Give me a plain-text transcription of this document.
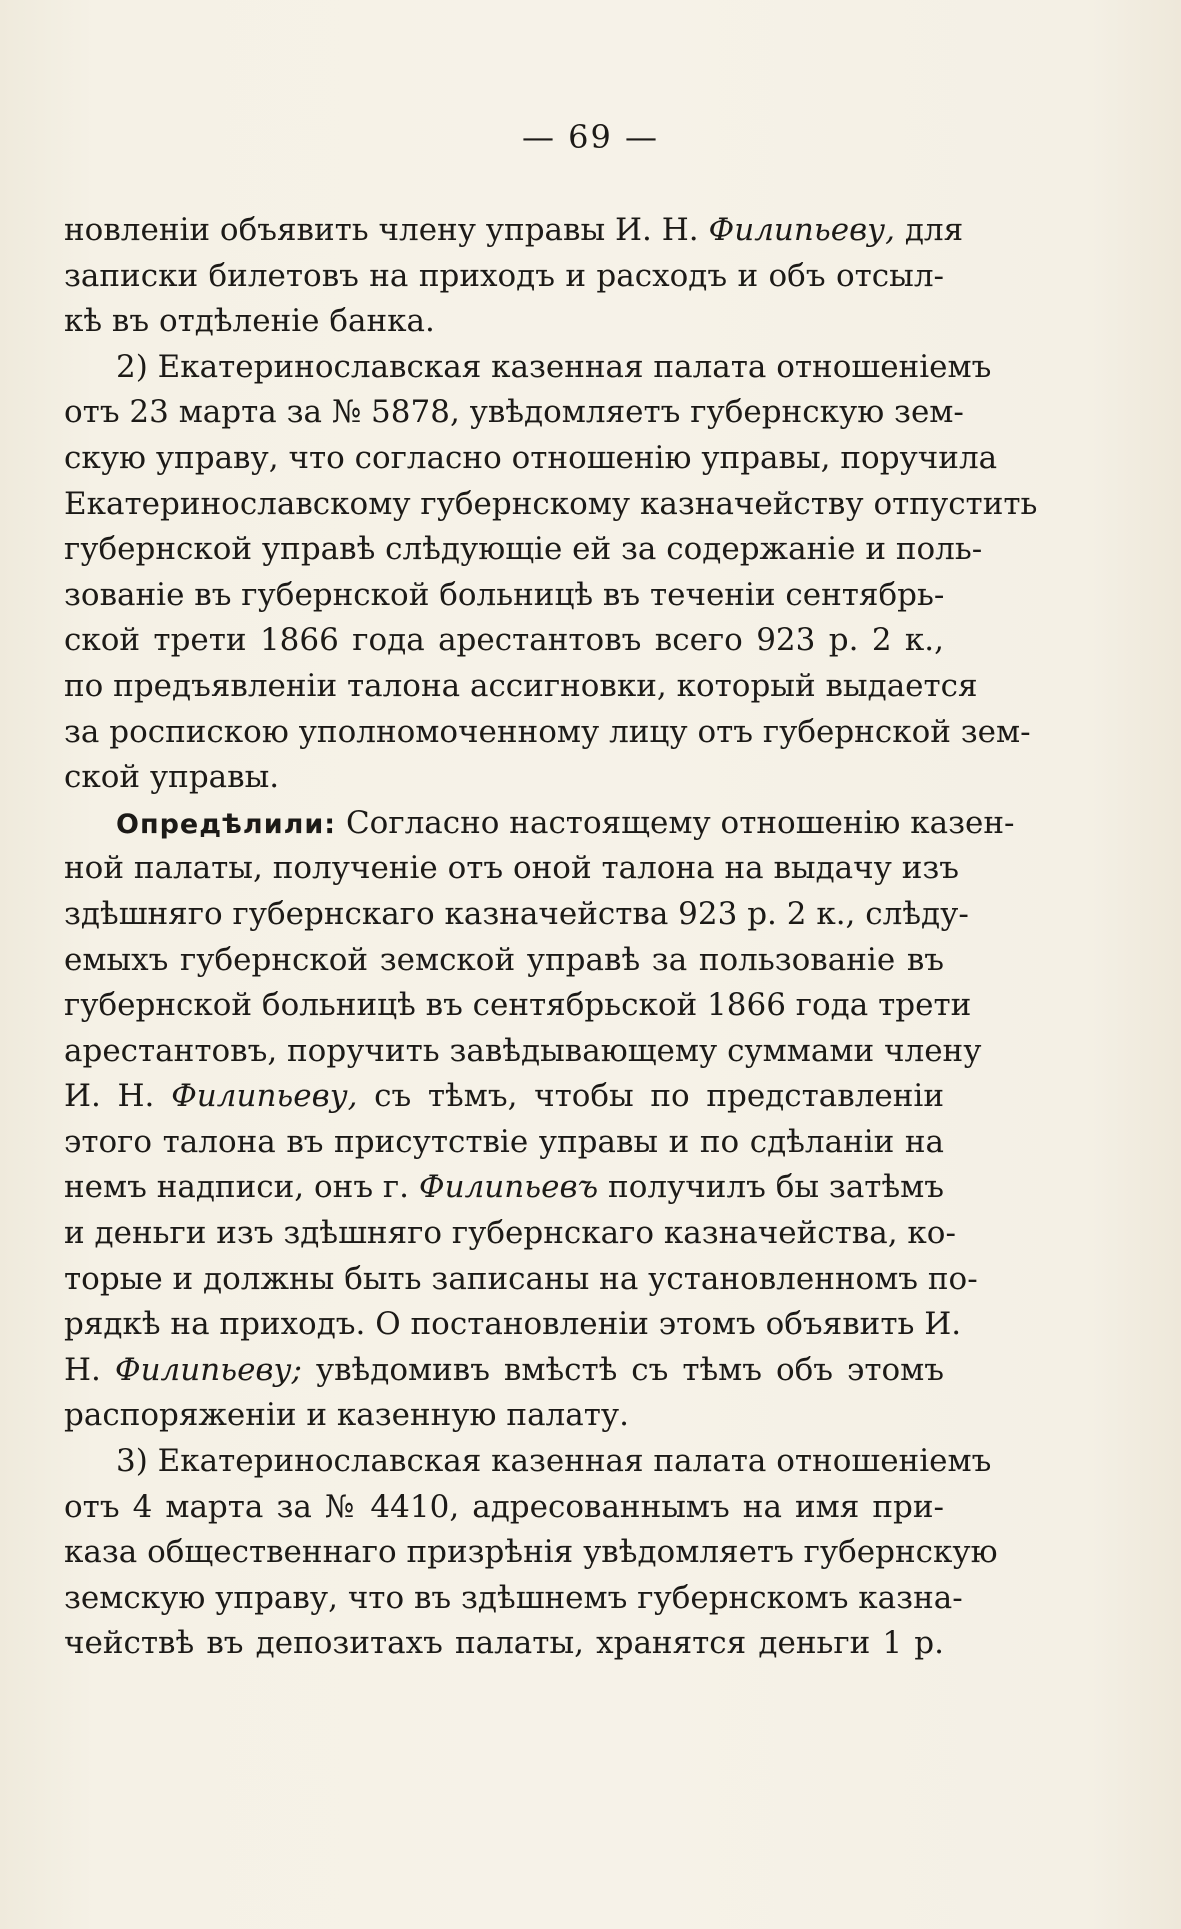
— 69 —
новленіи объявить члену управы И. Н. Филипьеву, для
записки билетовъ на приходъ и расходъ и объ отсыл-
кѣ въ отдѣленіе банка.
2) Екатеринославская казенная палата отношеніемъ
отъ 23 марта за № 5878, увѣдомляетъ губернскую зем-
скую управу, что согласно отношенію управы, поручила
Екатеринославскому губернскому казначейству отпустить
губернской управѣ слѣдующіе ей за содержаніе и поль-
зованіе въ губернской больницѣ въ теченіи сентябрь-
ской трети 1866 года арестантовъ всего 923 р. 2 к.,
по предъявленіи талона ассигновки, который выдается
за роспискою уполномоченному лицу отъ губернской зем-
ской управы.
Опредѣлили: Согласно настоящему отношенію казен-
ной палаты, полученіе отъ оной талона на выдачу изъ
здѣшняго губернскаго казначейства 923 р. 2 к., слѣду-
емыхъ губернской земской управѣ за пользованіе въ
губернской больницѣ въ сентябрьской 1866 года трети
арестантовъ, поручить завѣдывающему суммами члену
И. Н. Филипьеву, съ тѣмъ, чтобы по представленіи
этого талона въ присутствіе управы и по сдѣланіи на
немъ надписи, онъ г. Филипьевъ получилъ бы затѣмъ
и деньги изъ здѣшняго губернскаго казначейства, ко-
торые и должны быть записаны на установленномъ по-
рядкѣ на приходъ. О постановленіи этомъ объявить И.
Н. Филипьеву; увѣдомивъ вмѣстѣ съ тѣмъ объ этомъ
распоряженіи и казенную палату.
3) Екатеринославская казенная палата отношеніемъ
отъ 4 марта за № 4410, адресованнымъ на имя при-
каза общественнаго призрѣнія увѣдомляетъ губернскую
земскую управу, что въ здѣшнемъ губернскомъ казна-
чействѣ въ депозитахъ палаты, хранятся деньги 1 р.
